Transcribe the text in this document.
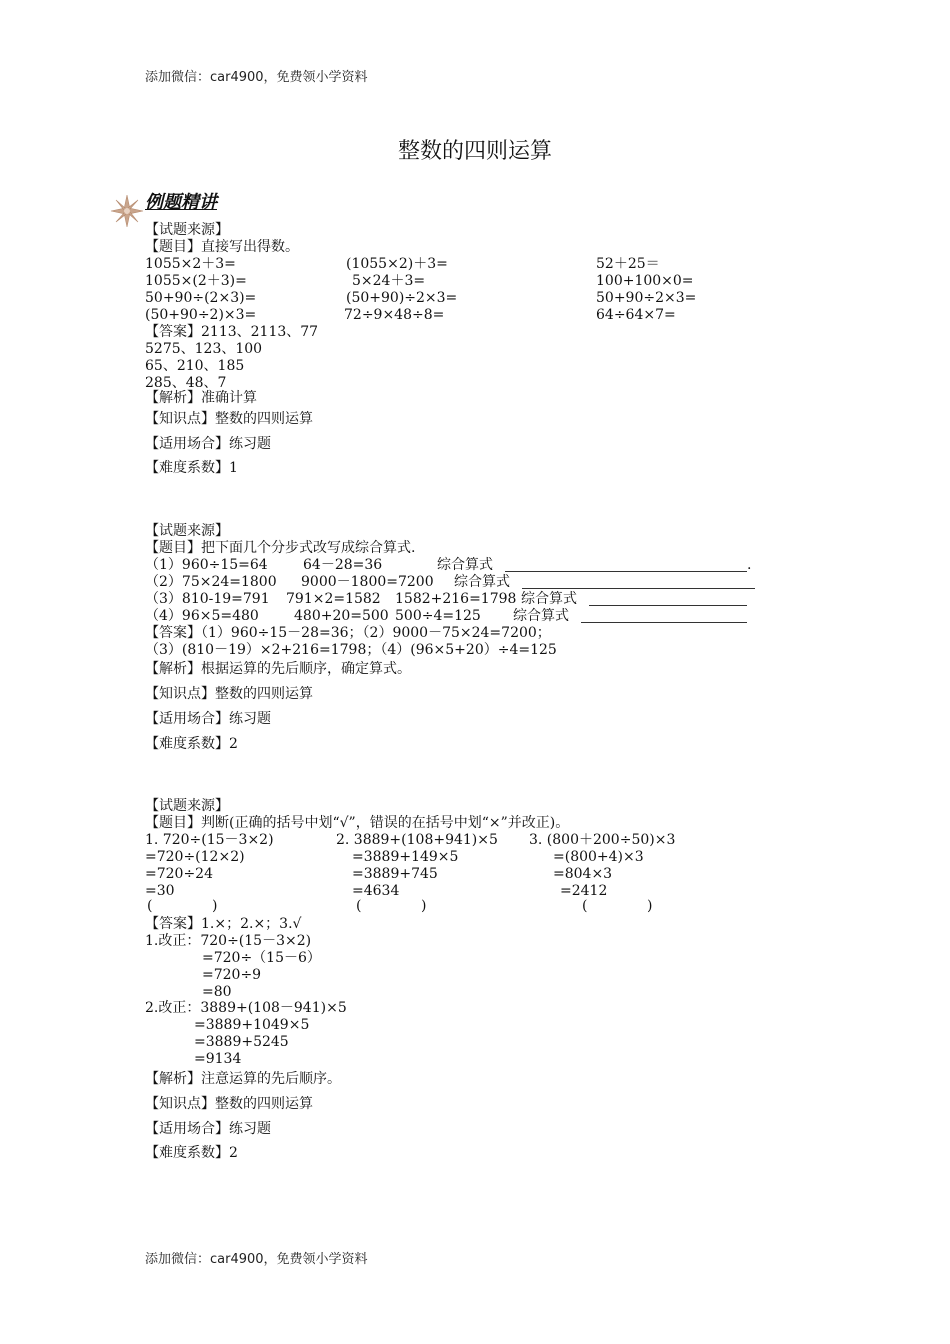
添加微信：car4900，免费领小学资料
整数的四则运算
例题精讲
【试题来源】
【题目】直接写出得数。
1055×2＋3=	(1055×2)＋3=	52＋25＝
1055×(2＋3)=	5×24＋3=	100+100×0=
50+90÷(2×3)=	(50+90)÷2×3=	50+90÷2×3=
(50+90÷2)×3=	72÷9×48÷8=	64÷64×7=
【答案】2113、2113、77
5275、123、100
65、210、185
285、48、7
【解析】准确计算
【知识点】整数的四则运算
【适用场合】练习题
【难度系数】1
【试题来源】
【题目】把下面几个分步式改写成综合算式.
（1）960÷15=64	64－28=36	综合算式	.
（2）75×24=1800 9000－1800=7200 综合算式
（3）810-19=791 791×2=1582 1582+216=1798 综合算式
（4）96×5=480	480+20=500 500÷4=125 综合算式
【答案】（1）960÷15－28=36；（2）9000－75×24=7200；
（3）(810－19）×2+216=1798；（4）(96×5+20）÷4=125
【解析】根据运算的先后顺序，确定算式。
【知识点】整数的四则运算
【适用场合】练习题
【难度系数】2
【试题来源】
【题目】判断(正确的括号中划“√”，错误的在括号中划“×”并改正)。
1. 720÷(15－3×2)
=720÷(12×2)
=720÷24
=30
2. 3889+(108+941)×5
=3889+149×5
=3889+745
=4634
3. (800＋200÷50)×3
=(800+4)×3
=804×3
=2412
(	)	(	)	(	)
【答案】1.×；2.×；3.√
1.改正：720÷(15－3×2)
=720÷（15－6）
=720÷9
=80
2.改正：3889+(108－941)×5
=3889+1049×5
=3889+5245
=9134
【解析】注意运算的先后顺序。
【知识点】整数的四则运算
【适用场合】练习题
【难度系数】2
添加微信：car4900，免费领小学资料
